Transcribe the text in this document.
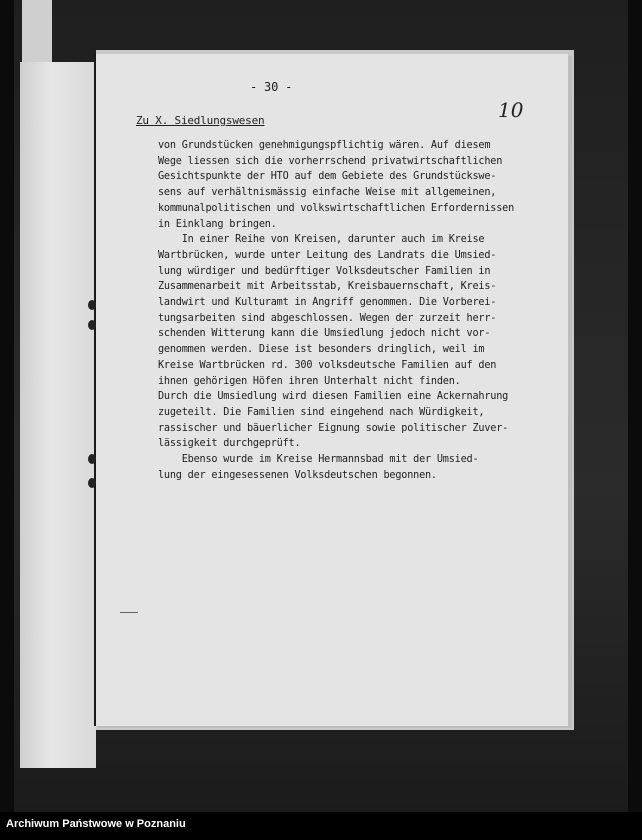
- 30 -
10
Zu X. Siedlungswesen
von Grundstücken genehmigungspflichtig wären. Auf diesem
Wege liessen sich die vorherrschend privatwirtschaftlichen
Gesichtspunkte der HTO auf dem Gebiete des Grundstückswe-
sens auf verhältnismässig einfache Weise mit allgemeinen,
kommunalpolitischen und volkswirtschaftlichen Erfordernissen
in Einklang bringen.
In einer Reihe von Kreisen, darunter auch im Kreise
Wartbrücken, wurde unter Leitung des Landrats die Umsied-
lung würdiger und bedürftiger Volksdeutscher Familien in
Zusammenarbeit mit Arbeitsstab, Kreisbauernschaft, Kreis-
landwirt und Kulturamt in Angriff genommen. Die Vorberei-
tungsarbeiten sind abgeschlossen. Wegen der zurzeit herr-
schenden Witterung kann die Umsiedlung jedoch nicht vor-
genommen werden. Diese ist besonders dringlich, weil im
Kreise Wartbrücken rd. 300 volksdeutsche Familien auf den
ihnen gehörigen Höfen ihren Unterhalt nicht finden.
Durch die Umsiedlung wird diesen Familien eine Ackernahrung
zugeteilt. Die Familien sind eingehend nach Würdigkeit,
rassischer und bäuerlicher Eignung sowie politischer Zuver-
lässigkeit durchgeprüft.
Ebenso wurde im Kreise Hermannsbad mit der Umsied-
lung der eingesessenen Volksdeutschen begonnen.
Archiwum Państwowe w Poznaniu
